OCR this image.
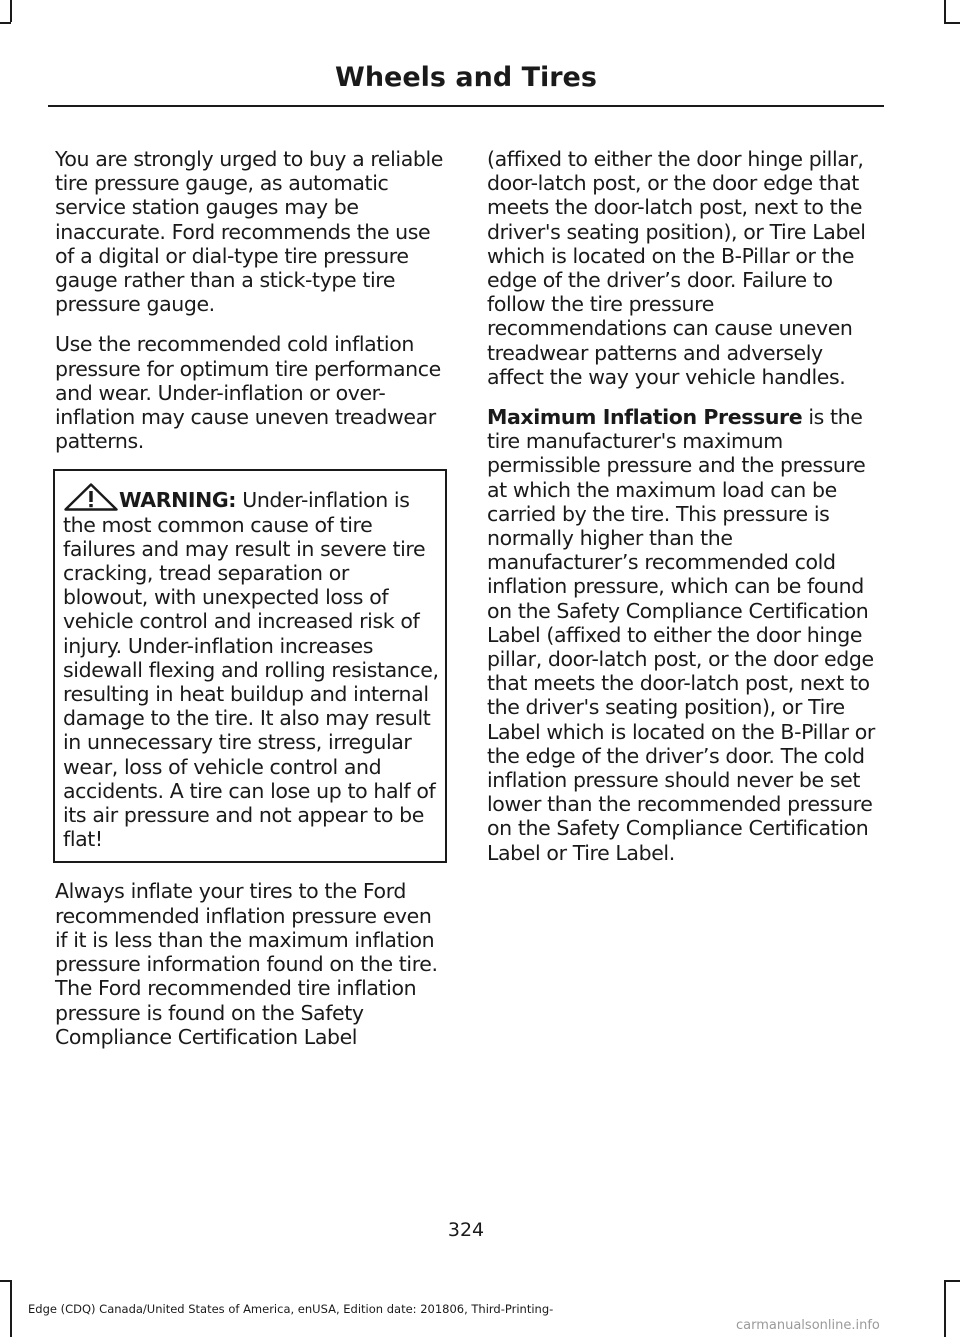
Wheels and Tires

You are strongly urged to buy a reliable tire pressure gauge, as automatic service station gauges may be inaccurate. Ford recommends the use of a digital or dial-type tire pressure gauge rather than a stick-type tire pressure gauge.

Use the recommended cold inflation pressure for optimum tire performance and wear. Under-inflation or over-inflation may cause uneven treadwear patterns.

WARNING: Under-inflation is the most common cause of tire failures and may result in severe tire cracking, tread separation or blowout, with unexpected loss of vehicle control and increased risk of injury. Under-inflation increases sidewall flexing and rolling resistance, resulting in heat buildup and internal damage to the tire. It also may result in unnecessary tire stress, irregular wear, loss of vehicle control and accidents. A tire can lose up to half of its air pressure and not appear to be flat!

Always inflate your tires to the Ford recommended inflation pressure even if it is less than the maximum inflation pressure information found on the tire. The Ford recommended tire inflation pressure is found on the Safety Compliance Certification Label

(affixed to either the door hinge pillar, door-latch post, or the door edge that meets the door-latch post, next to the driver's seating position), or Tire Label which is located on the B-Pillar or the edge of the driver’s door. Failure to follow the tire pressure recommendations can cause uneven treadwear patterns and adversely affect the way your vehicle handles.

Maximum Inflation Pressure is the tire manufacturer's maximum permissible pressure and the pressure at which the maximum load can be carried by the tire. This pressure is normally higher than the manufacturer’s recommended cold inflation pressure, which can be found on the Safety Compliance Certification Label (affixed to either the door hinge pillar, door-latch post, or the door edge that meets the door-latch post, next to the driver's seating position), or Tire Label which is located on the B-Pillar or the edge of the driver’s door. The cold inflation pressure should never be set lower than the recommended pressure on the Safety Compliance Certification Label or Tire Label.

324
Edge (CDQ) Canada/United States of America, enUSA, Edition date: 201806, Third-Printing-
carmanualsonline.info
